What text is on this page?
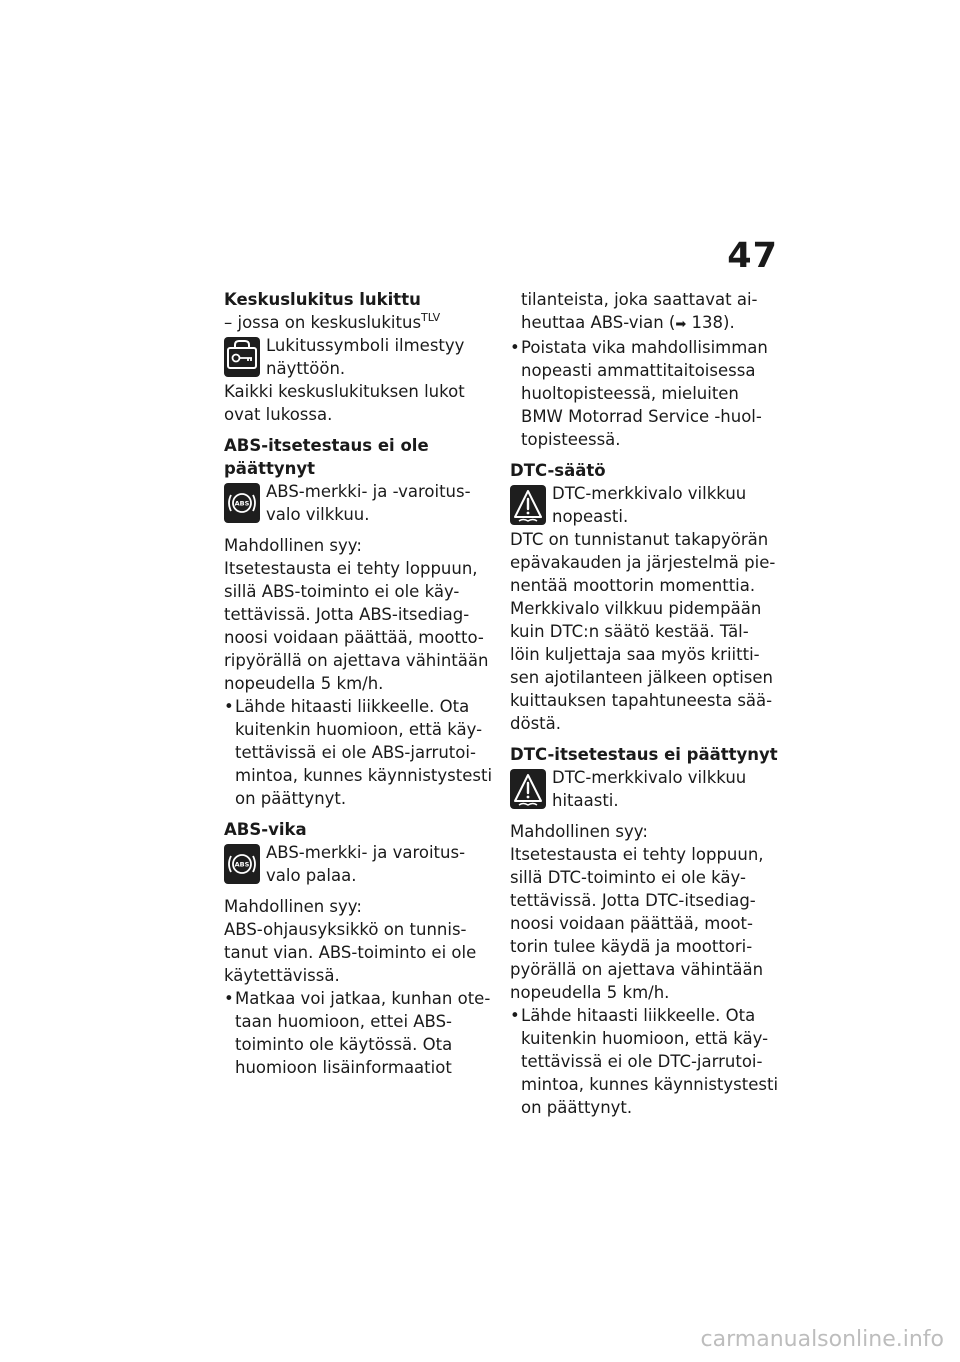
47
Keskuslukitus lukittu
– jossa on keskuslukitus$^{TLV}$
Lukitussymboli ilmestyy
näyttöön.
Kaikki keskuslukituksen lukot
ovat lukossa.
ABS-itsetestaus ei ole
päättynyt
ABS
ABS-merkki- ja -varoitus-
valo vilkkuu.
Mahdollinen syy:
Itsetestausta ei tehty loppuun,
sillä ABS-toiminto ei ole käy-
tettävissä. Jotta ABS-itsediag-
noosi voidaan päättää, mootto-
ripyörällä on ajettava vähintään
nopeudella 5 km/h.
• Lähde hitaasti liikkeelle. Ota
kuitenkin huomioon, että käy-
tettävissä ei ole ABS-jarrutoi-
mintoa, kunnes käynnistystesti
on päättynyt.
ABS-vika
ABS
ABS-merkki- ja varoitus-
valo palaa.
Mahdollinen syy:
ABS-ohjausyksikkö on tunnis-
tanut vian. ABS-toiminto ei ole
käytettävissä.
• Matkaa voi jatkaa, kunhan ote-
taan huomioon, ettei ABS-
toiminto ole käytössä. Ota
huomioon lisäinformaatiot
tilanteista, joka saattavat ai-
heuttaa ABS-vian (➡ 138).
• Poistata vika mahdollisimman
nopeasti ammattitaitoisessa
huoltopisteessä, mieluiten
BMW Motorrad Service -huol-
topisteessä.
DTC-säätö
DTC-merkkivalo vilkkuu
nopeasti.
DTC on tunnistanut takapyörän
epävakauden ja järjestelmä pie-
nentää moottorin momenttia.
Merkkivalo vilkkuu pidempään
kuin DTC:n säätö kestää. Täl-
löin kuljettaja saa myös kriitti-
sen ajotilanteen jälkeen optisen
kuittauksen tapahtuneesta sää-
döstä.
DTC-itsetestaus ei päättynyt
DTC-merkkivalo vilkkuu
hitaasti.
Mahdollinen syy:
Itsetestausta ei tehty loppuun,
sillä DTC-toiminto ei ole käy-
tettävissä. Jotta DTC-itsediag-
noosi voidaan päättää, moot-
torin tulee käydä ja moottori-
pyörällä on ajettava vähintään
nopeudella 5 km/h.
• Lähde hitaasti liikkeelle. Ota
kuitenkin huomioon, että käy-
tettävissä ei ole DTC-jarrutoi-
mintoa, kunnes käynnistystesti
on päättynyt.
carmanualsonline.info
